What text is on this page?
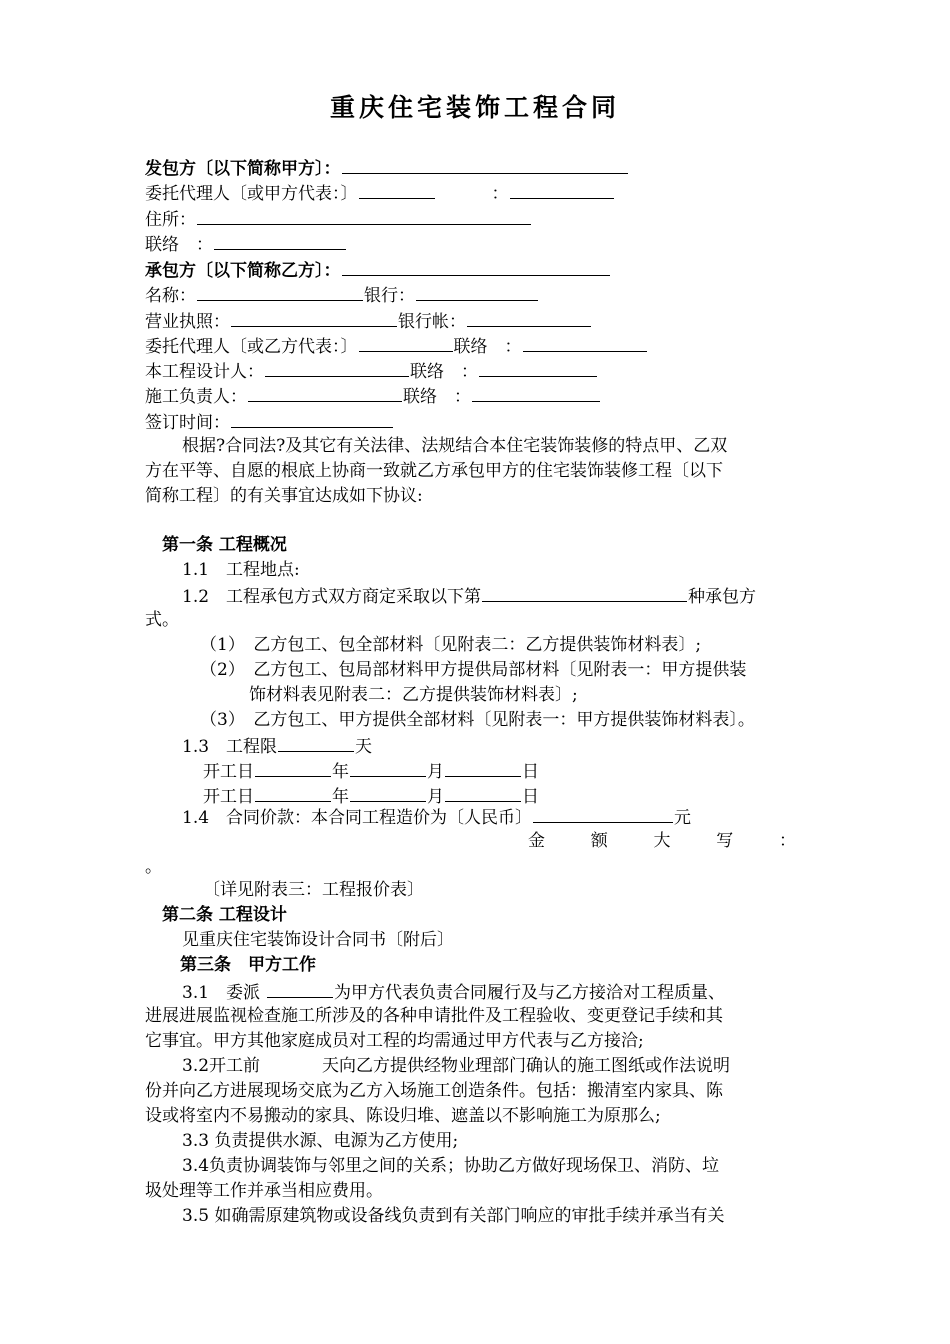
重庆住宅装饰工程合同
发包方〔以下简称甲方〕：
委托代理人〔或甲方代表：〕	：
住所：
联络　：
承包方〔以下简称乙方〕：
名称：	银行：
营业执照：	银行帐：
委托代理人〔或乙方代表：〕	联络　：
本工程设计人：	联络　：
施工负责人：	联络　：
签订时间：
根据?合同法?及其它有关法律、法规结合本住宅装饰装修的特点甲、乙双
方在平等、自愿的根底上协商一致就乙方承包甲方的住宅装饰装修工程〔以下
简称工程〕的有关事宜达成如下协议:
第一条 工程概况
1.1　工程地点:
1.2　工程承包方式双方商定采取以下第	种承包方
式。
（1）　乙方包工、包全部材料〔见附表二：乙方提供装饰材料表〕;
（2）　乙方包工、包局部材料甲方提供局部材料〔见附表一：甲方提供装
饰材料表见附表二：乙方提供装饰材料表〕;
（3）　乙方包工、甲方提供全部材料〔见附表一：甲方提供装饰材料表〕。
1.3　工程限	天
开工日	年	月	日
开工日	年	月	日
1.4　合同价款：本合同工程造价为〔人民币〕	元
金	额	大	写	：
。
〔详见附表三：工程报价表〕
第二条 工程设计
见重庆住宅装饰设计合同书〔附后〕
第三条　甲方工作
3.1　委派	为甲方代表负责合同履行及与乙方接洽对工程质量、
进展进展监视检查施工所涉及的各种申请批件及工程验收、变更登记手续和其
它事宜。甲方其他家庭成员对工程的均需通过甲方代表与乙方接洽;
3.2开工前	天向乙方提供经物业理部门确认的施工图纸或作法说明
份并向乙方进展现场交底为乙方入场施工创造条件。包括：搬清室内家具、陈
设或将室内不易搬动的家具、陈设归堆、遮盖以不影响施工为原那么;
3.3 负责提供水源、电源为乙方使用;
3.4负责协调装饰与邻里之间的关系；协助乙方做好现场保卫、消防、垃
圾处理等工作并承当相应费用。
3.5 如确需原建筑物或设备线负责到有关部门响应的审批手续并承当有关
